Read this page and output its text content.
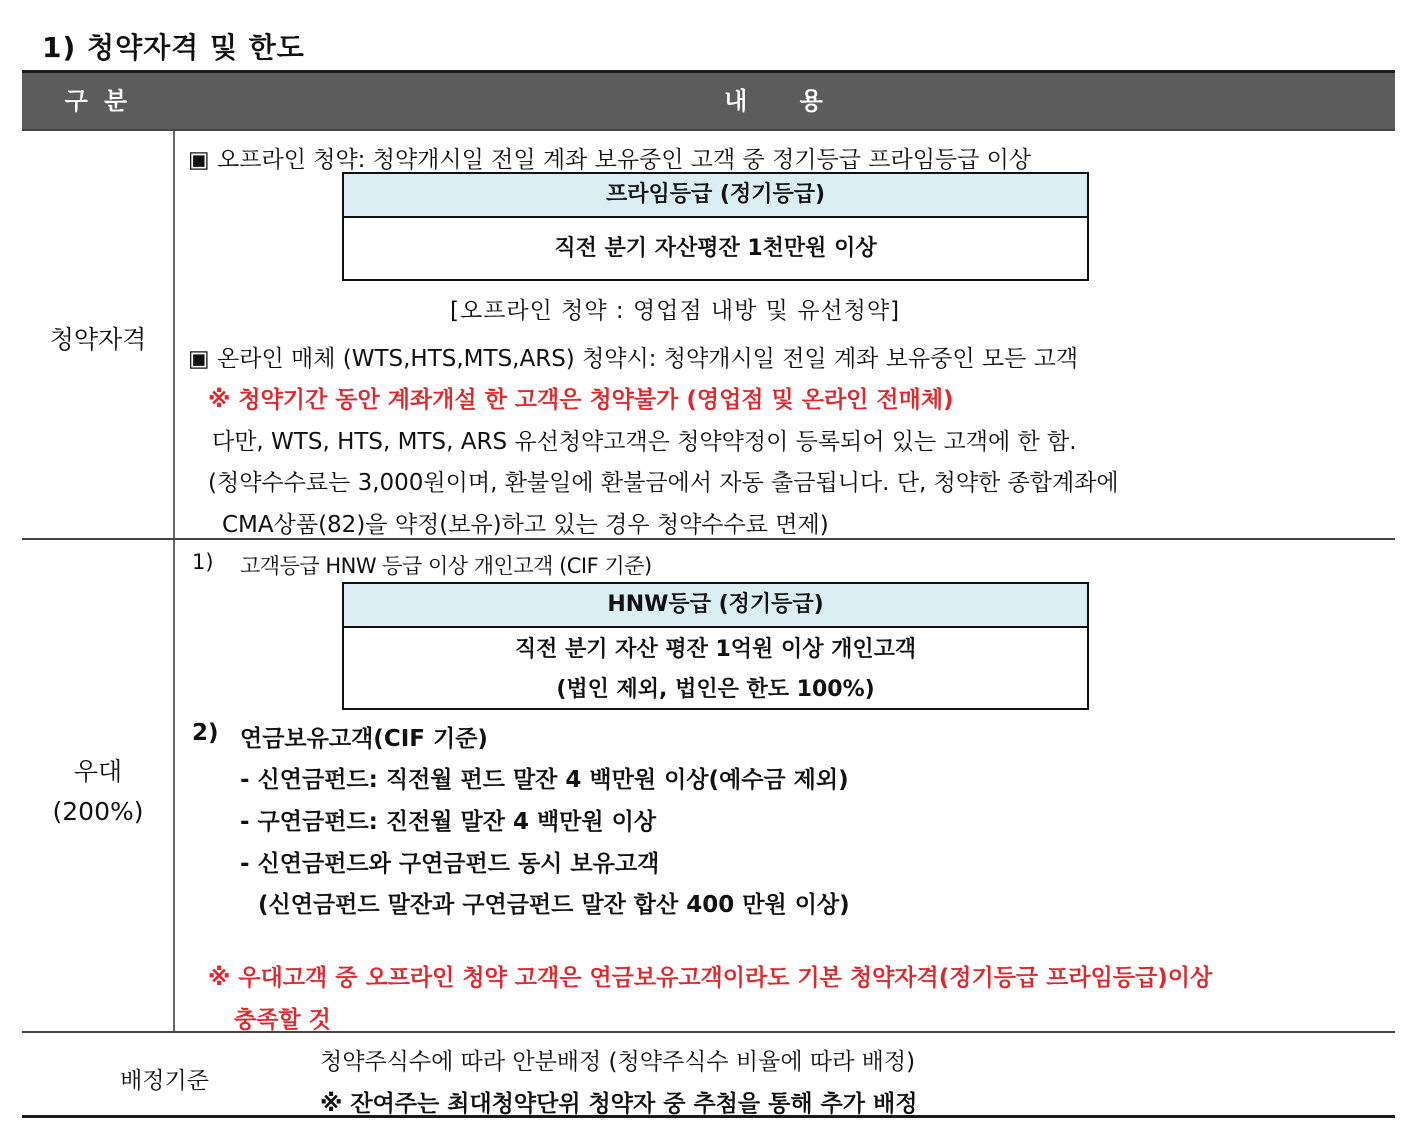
1) 청약자격 및 한도
구 분	내 용
청약자격
▣ 오프라인 청약: 청약개시일 전일 계좌 보유중인 고객 중 정기등급 프라임등급 이상
프라임등급 (정기등급)
직전 분기 자산평잔 1천만원 이상
[오프라인 청약 : 영업점 내방 및 유선청약]
▣ 온라인 매체 (WTS,HTS,MTS,ARS) 청약시: 청약개시일 전일 계좌 보유중인 모든 고객
※ 청약기간 동안 계좌개설 한 고객은 청약불가 (영업점 및 온라인 전매체)
다만, WTS, HTS, MTS, ARS 유선청약고객은 청약약정이 등록되어 있는 고객에 한 함.
(청약수수료는 3,000원이며, 환불일에 환불금에서 자동 출금됩니다. 단, 청약한 종합계좌에
CMA상품(82)을 약정(보유)하고 있는 경우 청약수수료 면제)
우대
(200%)
1) 고객등급 HNW 등급 이상 개인고객 (CIF 기준)
HNW등급 (정기등급)
직전 분기 자산 평잔 1억원 이상 개인고객
(법인 제외, 법인은 한도 100%)
2) 연금보유고객(CIF 기준)
- 신연금펀드: 직전월 펀드 말잔 4 백만원 이상(예수금 제외)
- 구연금펀드: 진전월 말잔 4 백만원 이상
- 신연금펀드와 구연금펀드 동시 보유고객
(신연금펀드 말잔과 구연금펀드 말잔 합산 400 만원 이상)
※ 우대고객 중 오프라인 청약 고객은 연금보유고객이라도 기본 청약자격(정기등급 프라임등급)이상
충족할 것
배정기준
청약주식수에 따라 안분배정 (청약주식수 비율에 따라 배정)
※ 잔여주는 최대청약단위 청약자 중 추첨을 통해 추가 배정
